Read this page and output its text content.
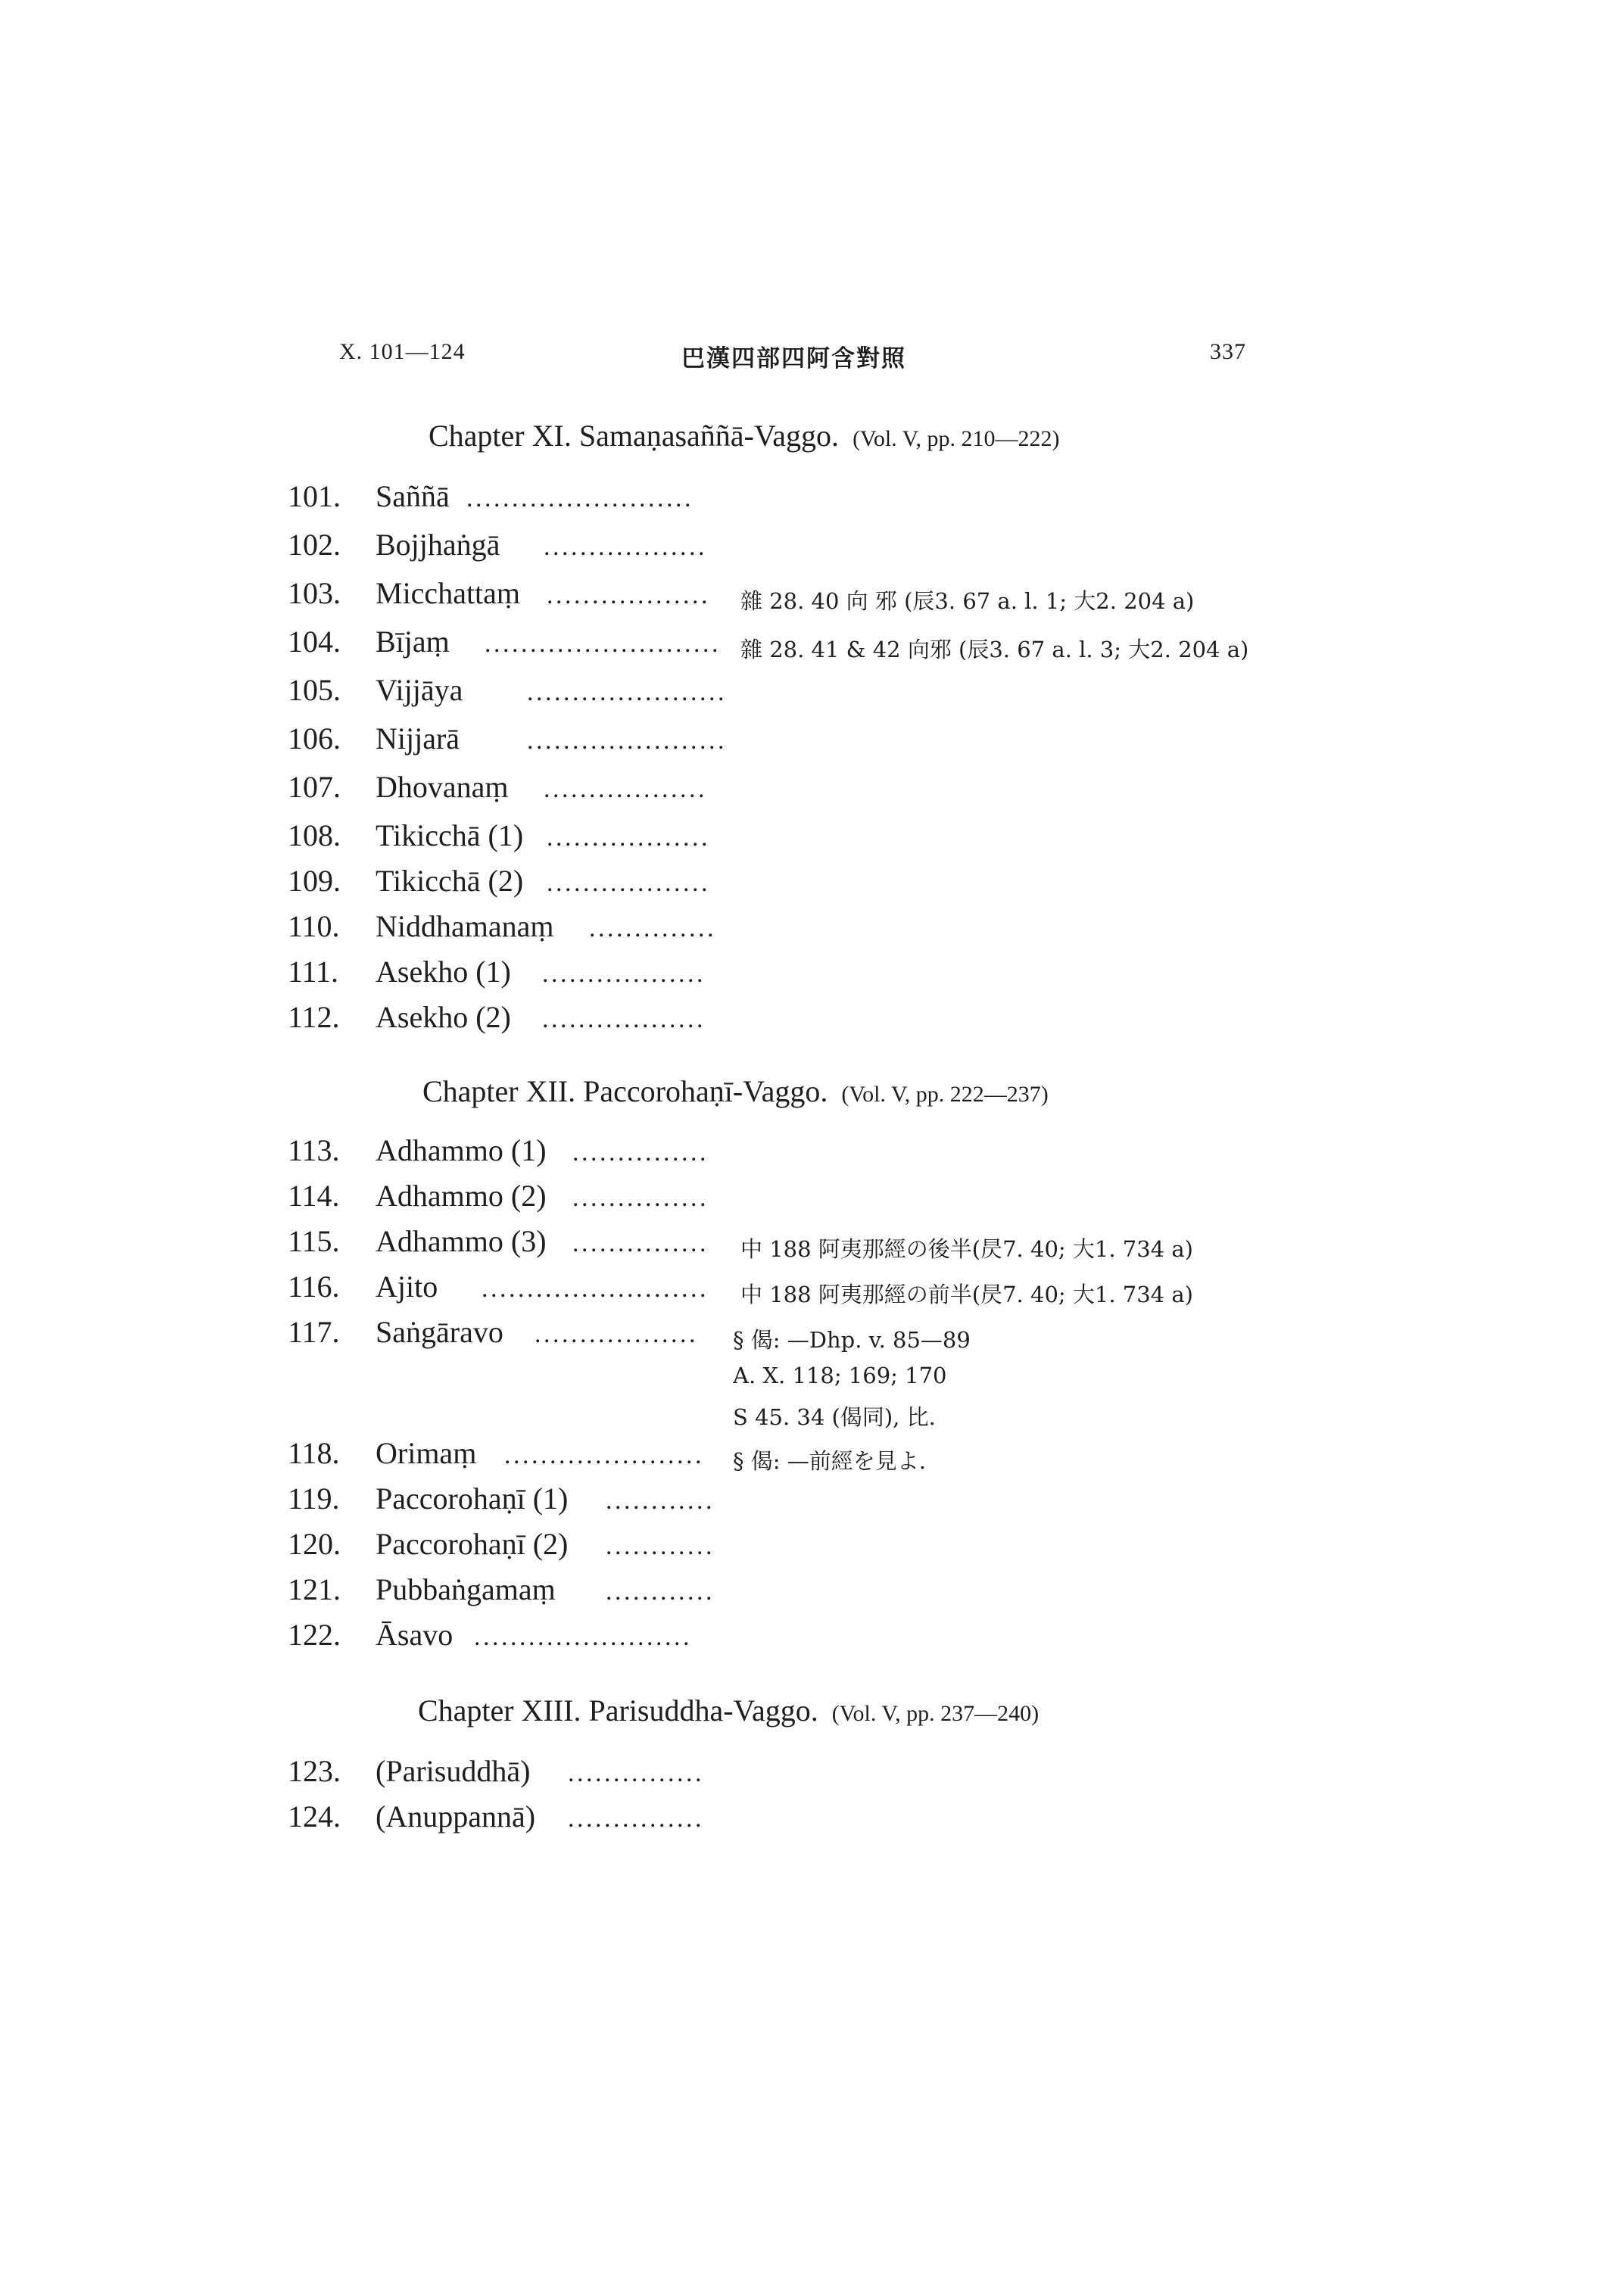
X. 101—124	巴漢四部四阿含對照	337
Chapter XI. Samaṇasaññā-Vaggo. (Vol. V, pp. 210—222)
101. Saññā .........................
102. Bojjhaṅgā ..................
103. Micchattaṃ ..................	雜 28. 40 向 邪 (辰3. 67 a. l. 1; 大2. 204 a)
104. Bījaṃ .......................... 雜 28. 41 & 42 向邪 (辰3. 67 a. l. 3; 大2. 204 a)
105. Vijjāya ......................
106. Nijjarā	......................
107. Dhovanaṃ ..................
108. Tikicchā (1) ..................
109. Tikicchā (2) ..................
110. Niddhamanaṃ ..............
111. Asekho (1) ..................
112. Asekho (2) ..................
Chapter XII. Paccorohaṇī-Vaggo. (Vol. V, pp. 222—237)
113. Adhammo (1) ...............
114. Adhammo (2) ...............
115. Adhammo (3) ...............	中 188 阿夷那經の後半(昃7. 40; 大1. 734 a)
116. Ajito .........................	中 188 阿夷那經の前半(昃7. 40; 大1. 734 a)
117. Saṅgāravo ..................	§ 偈: —Dhp. v. 85—89
A. X. 118; 169; 170
S 45. 34 (偈同), 比.
118. Orimaṃ ......................	§ 偈: —前經を見よ.
119. Paccorohaṇī (1) ............
120. Paccorohaṇī (2) ............
121. Pubbaṅgamaṃ ............
122. Āsavo ........................
Chapter XIII. Parisuddha-Vaggo. (Vol. V, pp. 237—240)
123. (Parisuddhā) ...............
124. (Anuppannā) ...............
